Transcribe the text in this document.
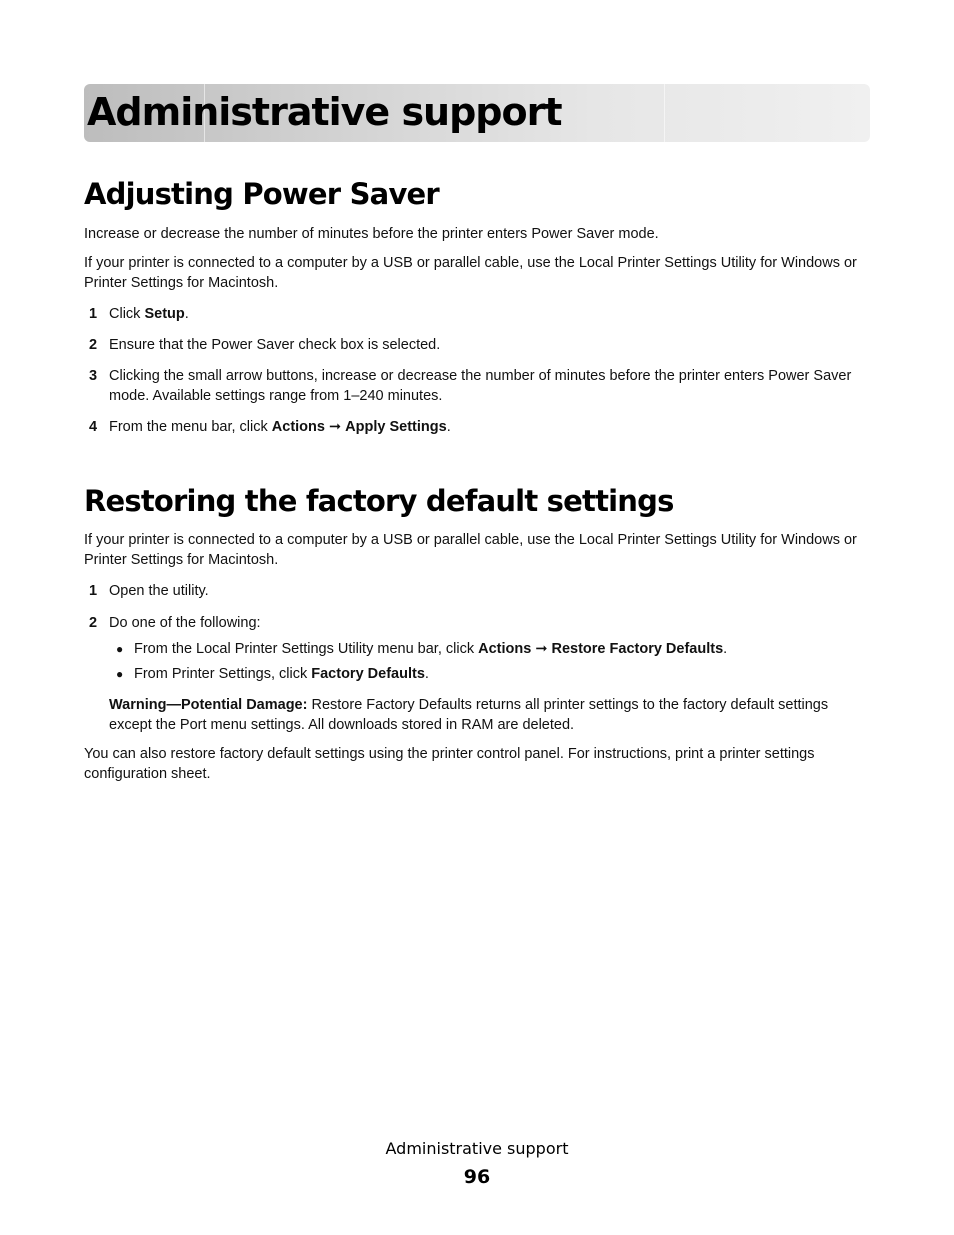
Administrative support
Adjusting Power Saver

Increase or decrease the number of minutes before the printer enters Power Saver mode.

If your printer is connected to a computer by a USB or parallel cable, use the Local Printer Settings Utility for Windows or Printer Settings for Macintosh.

1 Click Setup.
2 Ensure that the Power Saver check box is selected.
3 Clicking the small arrow buttons, increase or decrease the number of minutes before the printer enters Power Saver mode. Available settings range from 1–240 minutes.
4 From the menu bar, click Actions ➞ Apply Settings.
Restoring the factory default settings

If your printer is connected to a computer by a USB or parallel cable, use the Local Printer Settings Utility for Windows or Printer Settings for Macintosh.

1 Open the utility.
2 Do one of the following:
● From the Local Printer Settings Utility menu bar, click Actions ➞ Restore Factory Defaults.
● From Printer Settings, click Factory Defaults.
Warning—Potential Damage: Restore Factory Defaults returns all printer settings to the factory default settings except the Port menu settings. All downloads stored in RAM are deleted.

You can also restore factory default settings using the printer control panel. For instructions, print a printer settings configuration sheet.

Administrative support
96
